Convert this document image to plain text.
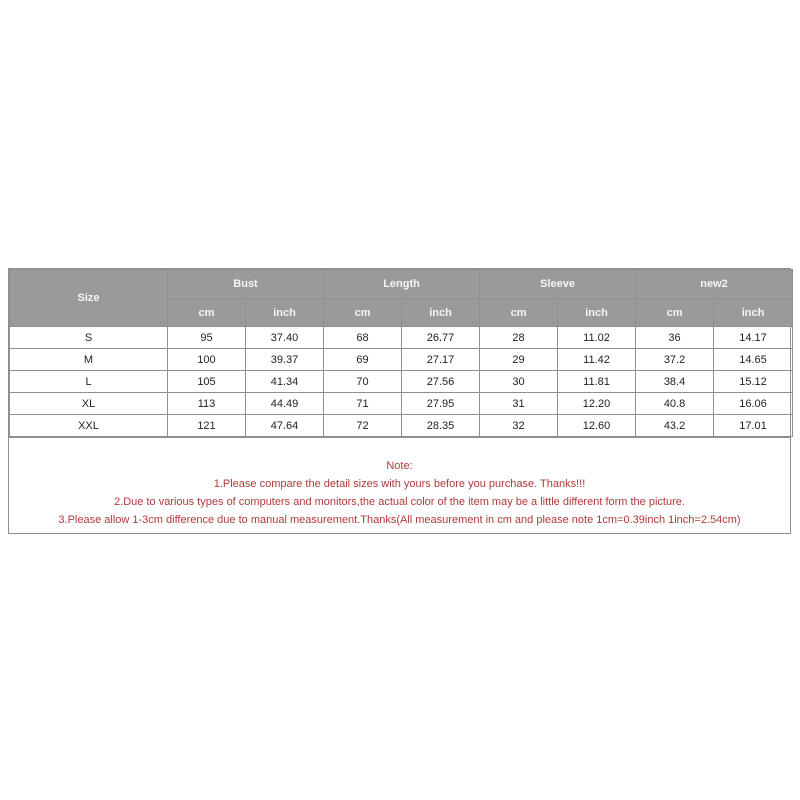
Size	Bust		Length		Sleeve		new2	
	cm	inch	cm	inch	cm	inch	cm	inch
S	95	37.40	68	26.77	28	11.02	36	14.17
M	100	39.37	69	27.17	29	11.42	37.2	14.65
L	105	41.34	70	27.56	30	11.81	38.4	15.12
XL	113	44.49	71	27.95	31	12.20	40.8	16.06
XXL	121	47.64	72	28.35	32	12.60	43.2	17.01
Note:
1.Please compare the detail sizes with yours before you purchase. Thanks!!!
2.Due to various types of computers and monitors,the actual color of the item may be a little different form the picture.
3.Please allow 1-3cm difference due to manual measurement.Thanks(All measurement in cm and please note 1cm=0.39inch 1inch=2.54cm)
